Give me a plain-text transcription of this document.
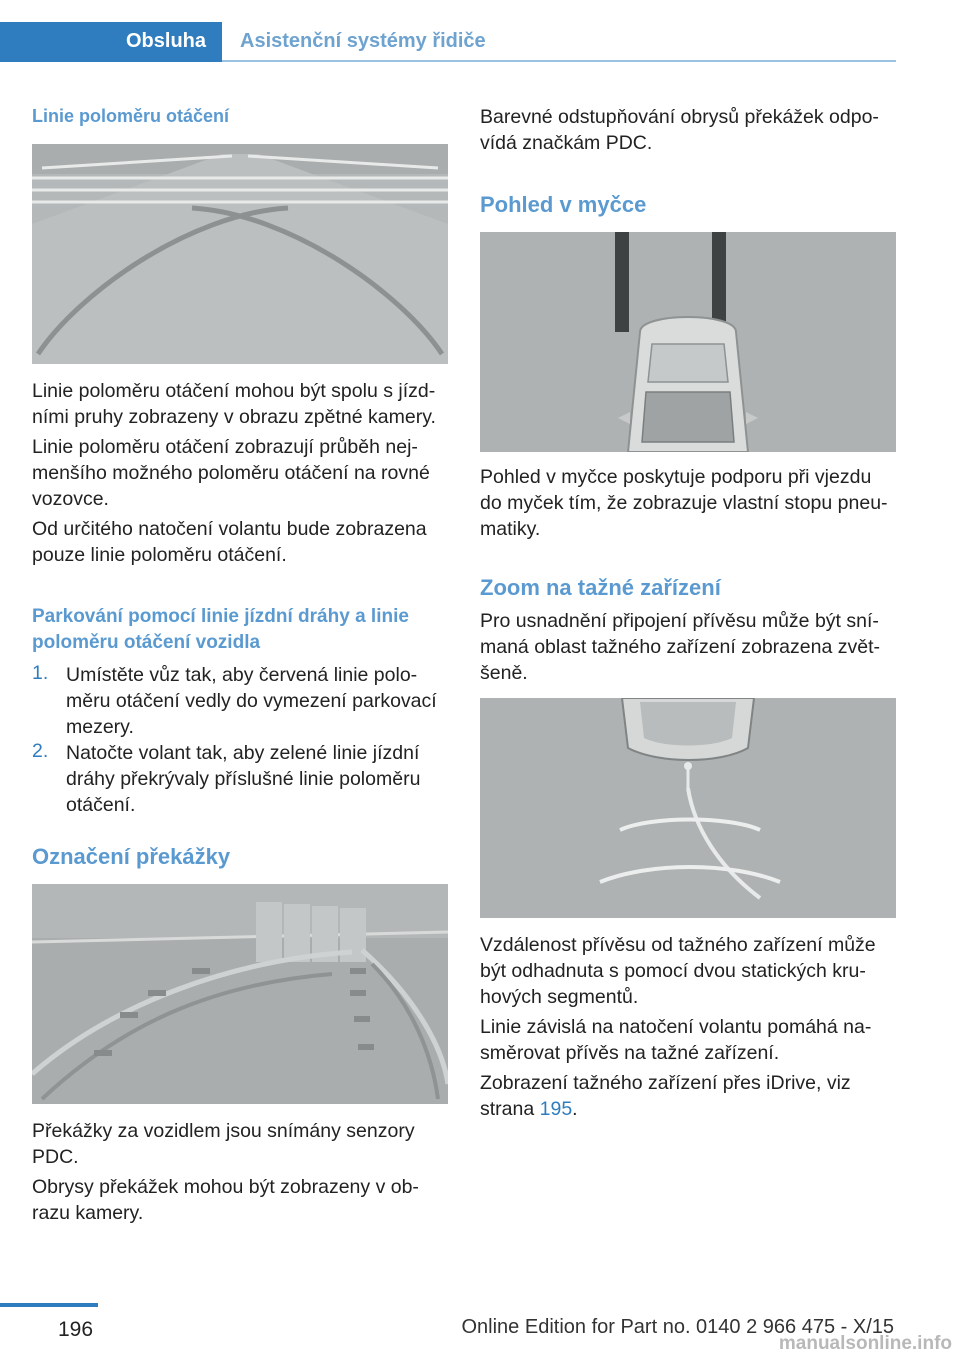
Obsluha Asistenční systémy řidiče
Linie poloměru otáčení
Linie poloměru otáčení mohou být spolu s jízd-
ními pruhy zobrazeny v obrazu zpětné kamery.
Linie poloměru otáčení zobrazují průběh nej-
menšího možného poloměru otáčení na rovné
vozovce.
Od určitého natočení volantu bude zobrazena
pouze linie poloměru otáčení.
Parkování pomocí linie jízdní dráhy a linie
poloměru otáčení vozidla
1. Umístěte vůz tak, aby červená linie polo-
měru otáčení vedly do vymezení parkovací
mezery.
2. Natočte volant tak, aby zelené linie jízdní
dráhy překrývaly příslušné linie poloměru
otáčení.
Označení překážky
Překážky za vozidlem jsou snímány senzory
PDC.
Obrysy překážek mohou být zobrazeny v ob-
razu kamery.
Barevné odstupňování obrysů překážek odpo-
vídá značkám PDC.
Pohled v myčce
Pohled v myčce poskytuje podporu při vjezdu
do myček tím, že zobrazuje vlastní stopu pneu-
matiky.
Zoom na tažné zařízení
Pro usnadnění připojení přívěsu může být sní-
maná oblast tažného zařízení zobrazena zvět-
šeně.
Vzdálenost přívěsu od tažného zařízení může
být odhadnuta s pomocí dvou statických kru-
hových segmentů.
Linie závislá na natočení volantu pomáhá na-
směrovat přívěs na tažné zařízení.
Zobrazení tažného zařízení přes iDrive, viz
strana 195.
196	Online Edition for Part no. 0140 2 966 475 - X/15
manualsonline.info
